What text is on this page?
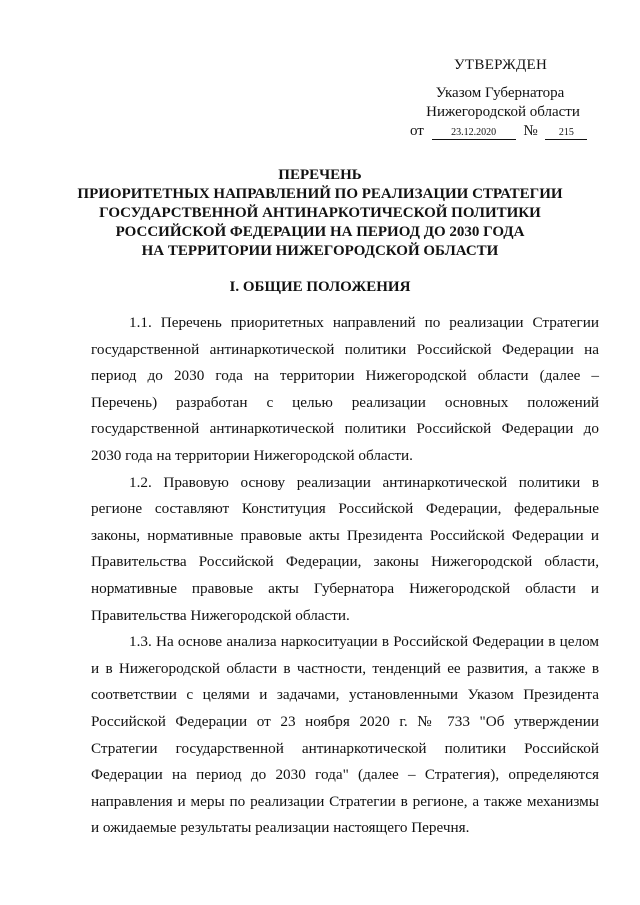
УТВЕРЖДЕН
Указом Губернатора
Нижегородской области
от	23.12.2020 № 215
ПЕРЕЧЕНЬ
ПРИОРИТЕТНЫХ НАПРАВЛЕНИЙ ПО РЕАЛИЗАЦИИ СТРАТЕГИИ
ГОСУДАРСТВЕННОЙ АНТИНАРКОТИЧЕСКОЙ ПОЛИТИКИ
РОССИЙСКОЙ ФЕДЕРАЦИИ НА ПЕРИОД ДО 2030 ГОДА
НА ТЕРРИТОРИИ НИЖЕГОРОДСКОЙ ОБЛАСТИ
I. ОБЩИЕ ПОЛОЖЕНИЯ

1.1. Перечень приоритетных направлений по реализации Стратегии государственной антинаркотической политики Российской Федерации на период до 2030 года на территории Нижегородской области (далее – Перечень) разработан с целью реализации основных положений государственной антинаркотической политики Российской Федерации до 2030 года на территории Нижегородской области.

1.2. Правовую основу реализации антинаркотической политики в регионе составляют Конституция Российской Федерации, федеральные законы, нормативные правовые акты Президента Российской Федерации и Правительства Российской Федерации, законы Нижегородской области, нормативные правовые акты Губернатора Нижегородской области и Правительства Нижегородской области.

1.3. На основе анализа наркоситуации в Российской Федерации в целом и в Нижегородской области в частности, тенденций ее развития, а также в соответствии с целями и задачами, установленными Указом Президента Российской Федерации от 23 ноября 2020 г. № 733 "Об утверждении Стратегии государственной антинаркотической политики Российской Федерации на период до 2030 года" (далее – Стратегия), определяются направления и меры по реализации Стратегии в регионе, а также механизмы и ожидаемые результаты реализации настоящего Перечня.
